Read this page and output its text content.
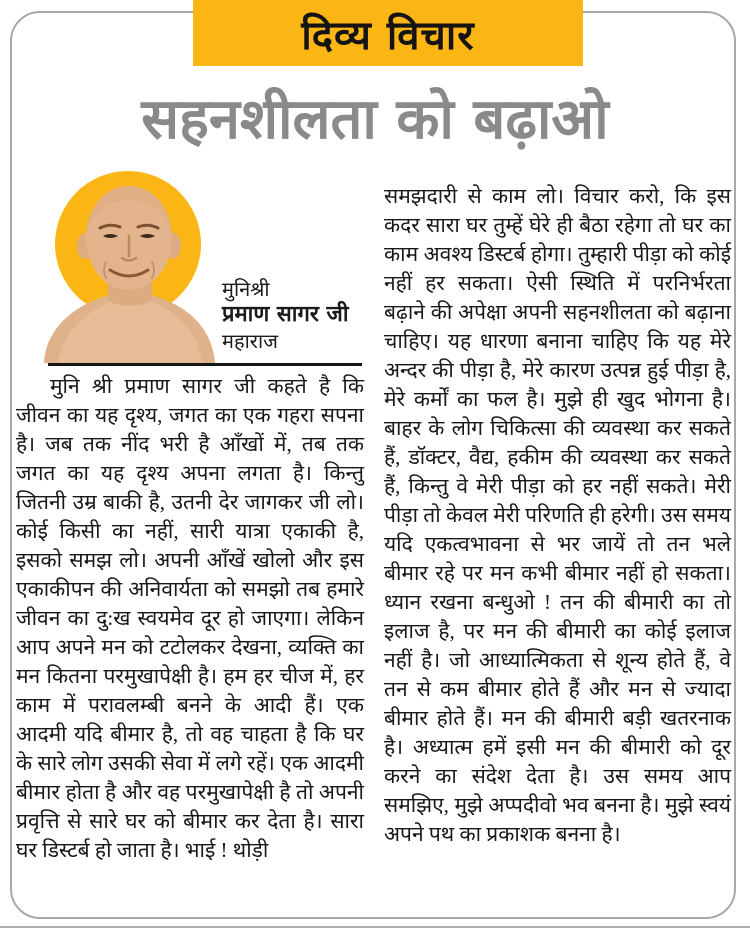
दिव्य विचार
सहनशीलता को बढ़ाओ
मुनिश्री
प्रमाण सागर जी
महाराज
मुनि श्री प्रमाण सागर जी कहते है कि जीवन का यह दृश्य, जगत का एक गहरा सपना है। जब तक नींद भरी है आँखों में, तब तक जगत का यह दृश्य अपना लगता है। किन्तु जितनी उम्र बाकी है, उतनी देर जागकर जी लो। कोई किसी का नहीं, सारी यात्रा एकाकी है, इसको समझ लो। अपनी आँखें खोलो और इस एकाकीपन की अनिवार्यता को समझो तब हमारे जीवन का दु:ख स्वयमेव दूर हो जाएगा। लेकिन आप अपने मन को टटोलकर देखना, व्यक्ति का मन कितना परमुखापेक्षी है। हम हर चीज में, हर काम में परावलम्बी बनने के आदी हैं। एक आदमी यदि बीमार है, तो वह चाहता है कि घर के सारे लोग उसकी सेवा में लगे रहें। एक आदमी बीमार होता है और वह परमुखापेक्षी है तो अपनी प्रवृत्ति से सारे घर को बीमार कर देता है। सारा घर डिस्टर्ब हो जाता है। भाई ! थोड़ी
समझदारी से काम लो। विचार करो, कि इस कदर सारा घर तुम्हें घेरे ही बैठा रहेगा तो घर का काम अवश्य डिस्टर्ब होगा। तुम्हारी पीड़ा को कोई नहीं हर सकता। ऐसी स्थिति में परनिर्भरता बढ़ाने की अपेक्षा अपनी सहनशीलता को बढ़ाना चाहिए। यह धारणा बनाना चाहिए कि यह मेरे अन्दर की पीड़ा है, मेरे कारण उत्पन्न हुई पीड़ा है, मेरे कर्मों का फल है। मुझे ही खुद भोगना है। बाहर के लोग चिकित्सा की व्यवस्था कर सकते हैं, डॉक्टर, वैद्य, हकीम की व्यवस्था कर सकते हैं, किन्तु वे मेरी पीड़ा को हर नहीं सकते। मेरी पीड़ा तो केवल मेरी परिणति ही हरेगी। उस समय यदि एकत्वभावना से भर जायें तो तन भले बीमार रहे पर मन कभी बीमार नहीं हो सकता। ध्यान रखना बन्धुओ ! तन की बीमारी का तो इलाज है, पर मन की बीमारी का कोई इलाज नहीं है। जो आध्यात्मिकता से शून्य होते हैं, वे तन से कम बीमार होते हैं और मन से ज्यादा बीमार होते हैं। मन की बीमारी बड़ी खतरनाक है। अध्यात्म हमें इसी मन की बीमारी को दूर करने का संदेश देता है। उस समय आप समझिए, मुझे अप्पदीवो भव बनना है। मुझे स्वयं अपने पथ का प्रकाशक बनना है।
